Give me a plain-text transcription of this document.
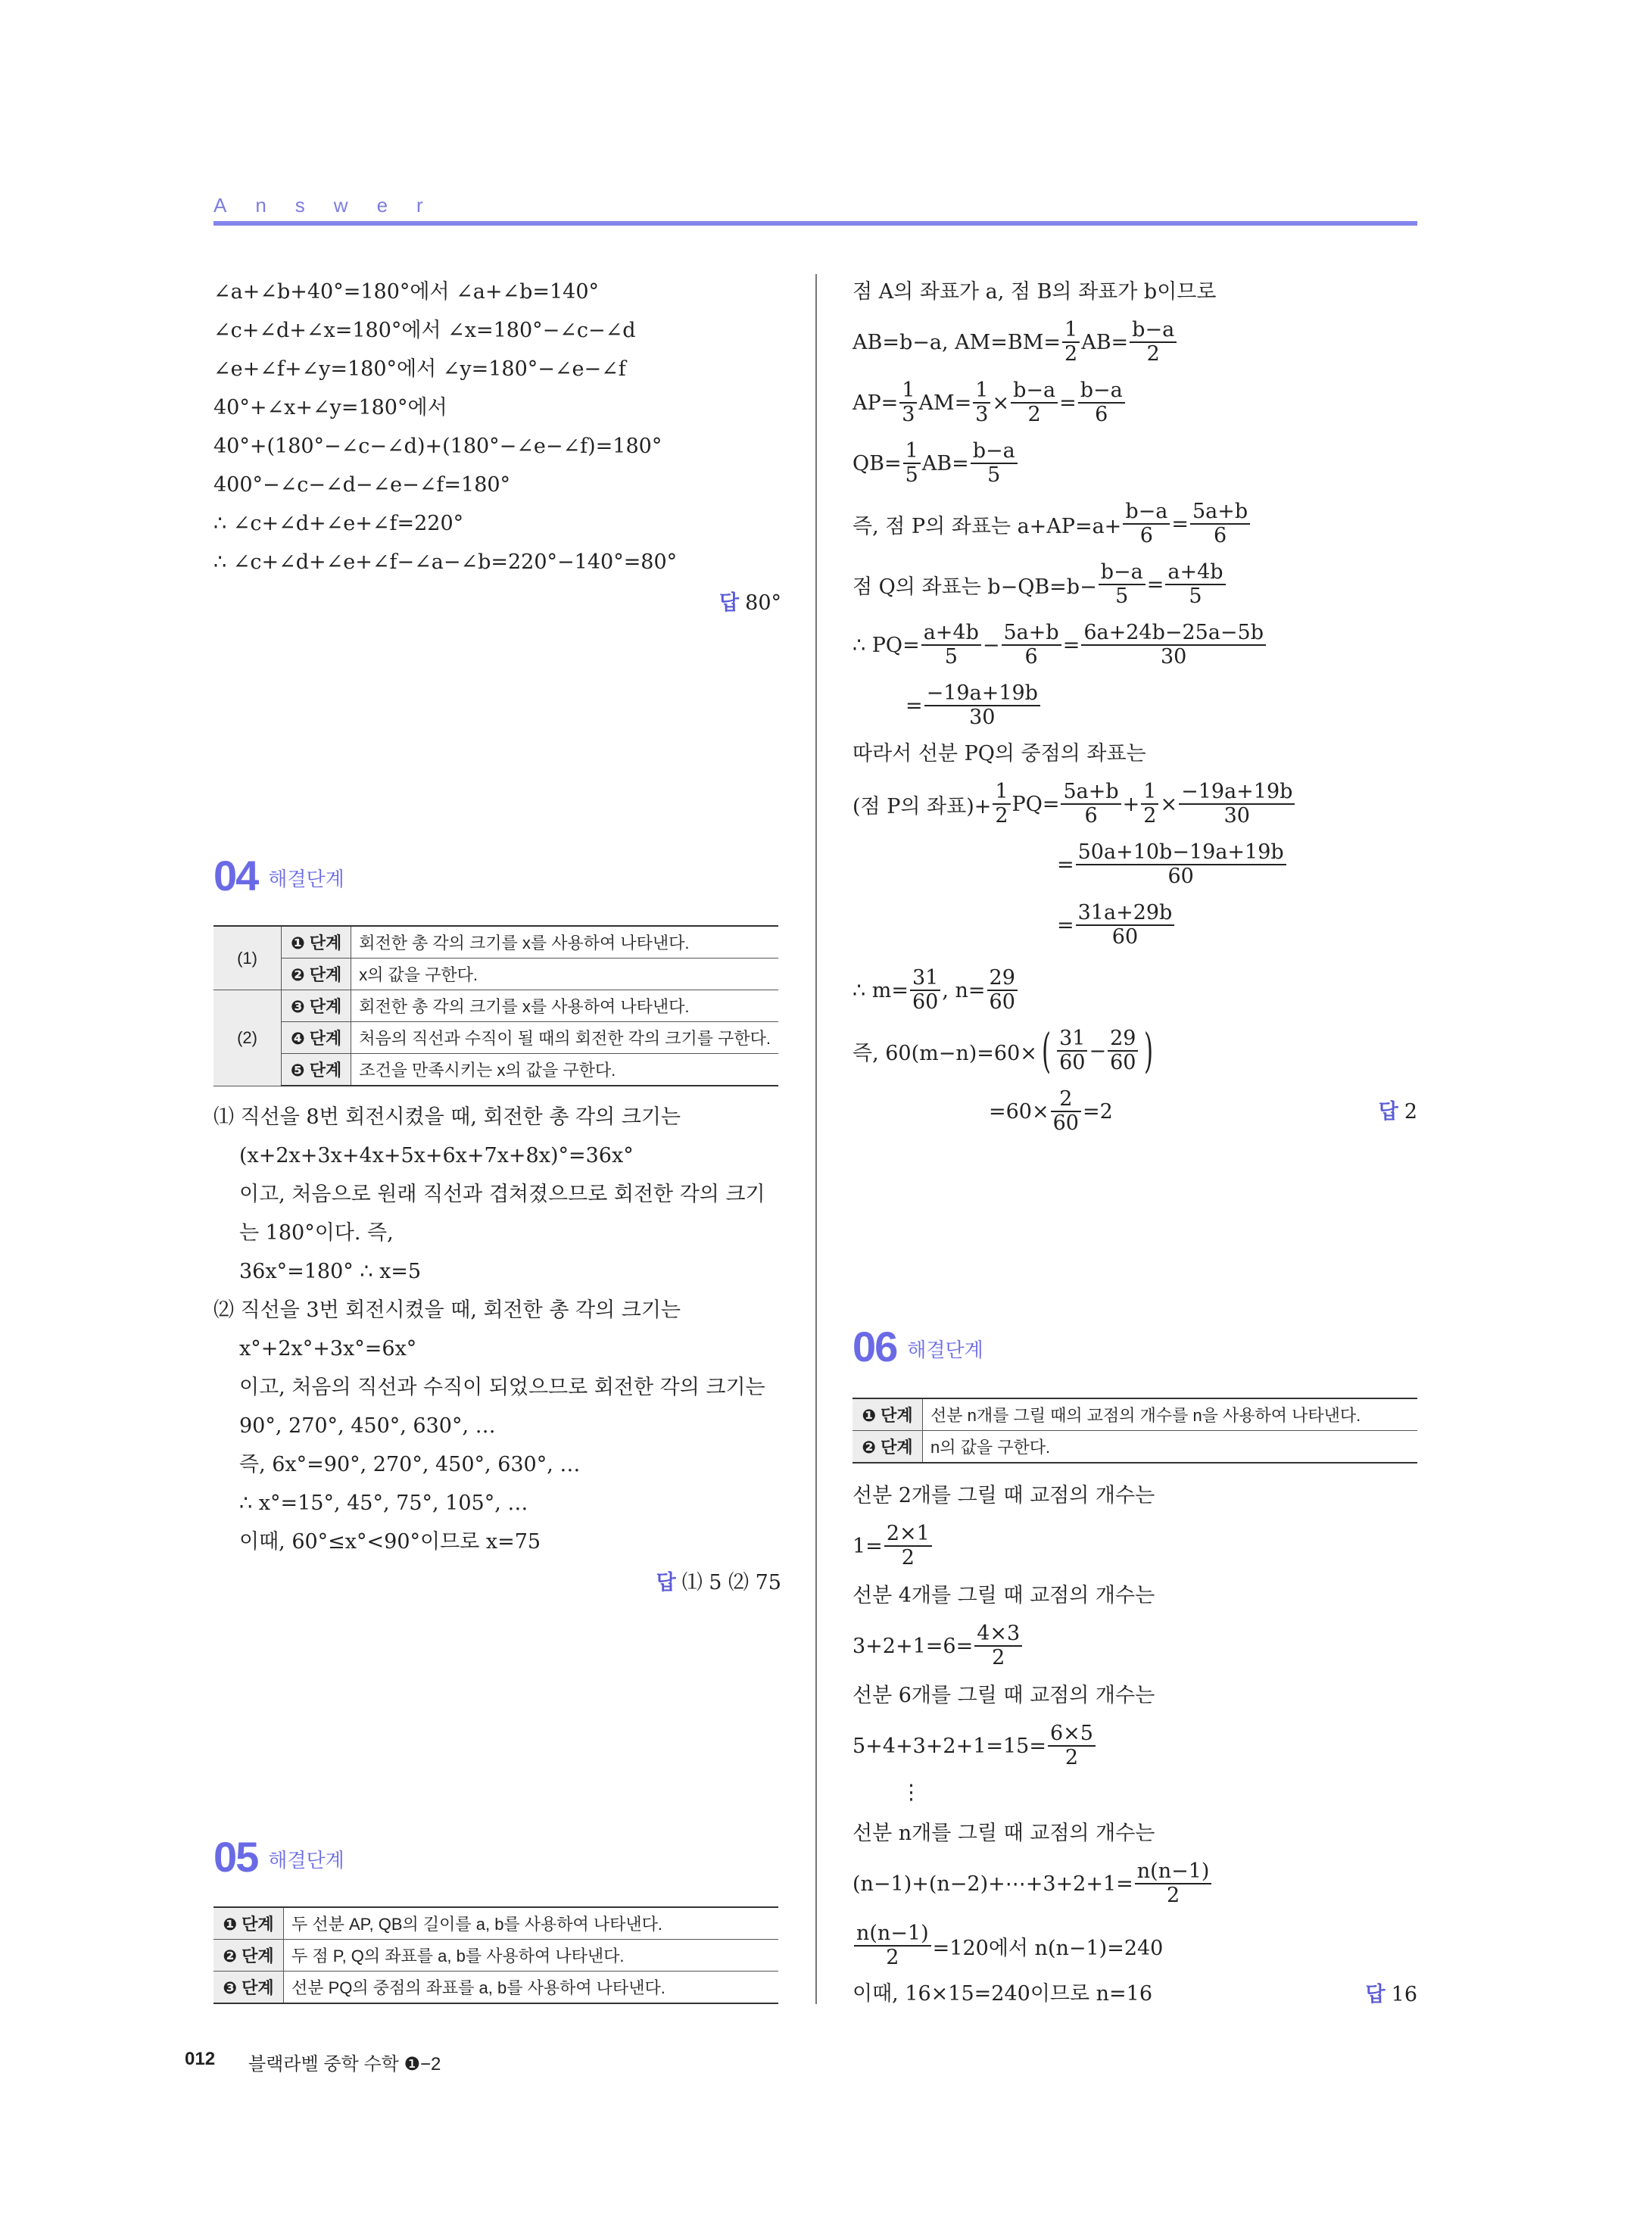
Answer
∠a+∠b+40°=180°에서 ∠a+∠b=140°
∠c+∠d+∠x=180°에서 ∠x=180°−∠c−∠d
∠e+∠f+∠y=180°에서 ∠y=180°−∠e−∠f
40°+∠x+∠y=180°에서
40°+(180°−∠c−∠d)+(180°−∠e−∠f)=180°
400°−∠c−∠d−∠e−∠f=180°
∴ ∠c+∠d+∠e+∠f=220°
∴ ∠c+∠d+∠e+∠f−∠a−∠b=220°−140°=80°
답 80°
04 해결단계
(1)	❶ 단계	회전한 총 각의 크기를 x를 사용하여 나타낸다.
	❷ 단계	x의 값을 구한다.
(2)	❸ 단계	회전한 총 각의 크기를 x를 사용하여 나타낸다.
	❹ 단계	처음의 직선과 수직이 될 때의 회전한 각의 크기를 구한다.
	❺ 단계	조건을 만족시키는 x의 값을 구한다.
⑴ 직선을 8번 회전시켰을 때, 회전한 총 각의 크기는
(x+2x+3x+4x+5x+6x+7x+8x)°=36x°
이고, 처음으로 원래 직선과 겹쳐졌으므로 회전한 각의 크기
는 180°이다. 즉,
36x°=180° ∴ x=5
⑵ 직선을 3번 회전시켰을 때, 회전한 총 각의 크기는
x°+2x°+3x°=6x°
이고, 처음의 직선과 수직이 되었으므로 회전한 각의 크기는
90°, 270°, 450°, 630°, …
즉, 6x°=90°, 270°, 450°, 630°, …
∴ x°=15°, 45°, 75°, 105°, …
이때, 60°≤x°<90°이므로 x=75
답 ⑴ 5 ⑵ 75
05 해결단계
❶ 단계	두 선분 AP, QB의 길이를 a, b를 사용하여 나타낸다.
❷ 단계	두 점 P, Q의 좌표를 a, b를 사용하여 나타낸다.
❸ 단계	선분 PQ의 중점의 좌표를 a, b를 사용하여 나타낸다.
점 A의 좌표가 a, 점 B의 좌표가 b이므로
AB=b−a, $AM=BM= \frac{1}{2} AB= \frac{b-a}{2}$
$AP= \frac{1}{3} AM= \frac{1}{3} \times \frac{b-a}{2} = \frac{b-a}{6}$
$QB= \frac{1}{5} AB= \frac{b-a}{5}$
즉, 점 P의 좌표는 $a+AP=a+ \frac{b-a}{6} = \frac{5a+b}{6}$
점 Q의 좌표는 $b-QB=b- \frac{b-a}{5} = \frac{a+4b}{5}$
∴ $PQ= \frac{a+4b}{5} - \frac{5a+b}{6} = \frac{6a+24b-25a-5b}{30}$
= $\frac{-19a+19b}{30}$
따라서 선분 PQ의 중점의 좌표는
(점 P의 좌표)+ $\frac{1}{2} PQ= \frac{5a+b}{6} + \frac{1}{2} \times \frac{-19a+19b}{30}$
= $\frac{50a+10b-19a+19b}{60}$
= $\frac{31a+29b}{60}$
∴ $m= \frac{31}{60}$ , $n= \frac{29}{60}$
즉, 60(m−n)=60× ( $\frac{31}{60} - \frac{29}{60}$ )
$=60\times \frac{2}{60} =2$	답 2
06 해결단계
❶ 단계	선분 n개를 그릴 때의 교점의 개수를 n을 사용하여 나타낸다.
❷ 단계	n의 값을 구한다.
선분 2개를 그릴 때 교점의 개수는
$1= \frac{2\times 1}{2}$
선분 4개를 그릴 때 교점의 개수는
$3+2+1=6= \frac{4\times 3}{2}$
선분 6개를 그릴 때 교점의 개수는
$5+4+3+2+1=15= \frac{6\times 5}{2}$
⋮
선분 n개를 그릴 때 교점의 개수는
(n−1)+(n−2)+⋯+3+2+1= $\frac{n(n-1)}{2}$
$\frac{n(n-1)}{2} =120$에서 n(n−1)=240
이때, 16×15=240이므로 n=16	답 16
012 블랙라벨 중학 수학 ❶−2
